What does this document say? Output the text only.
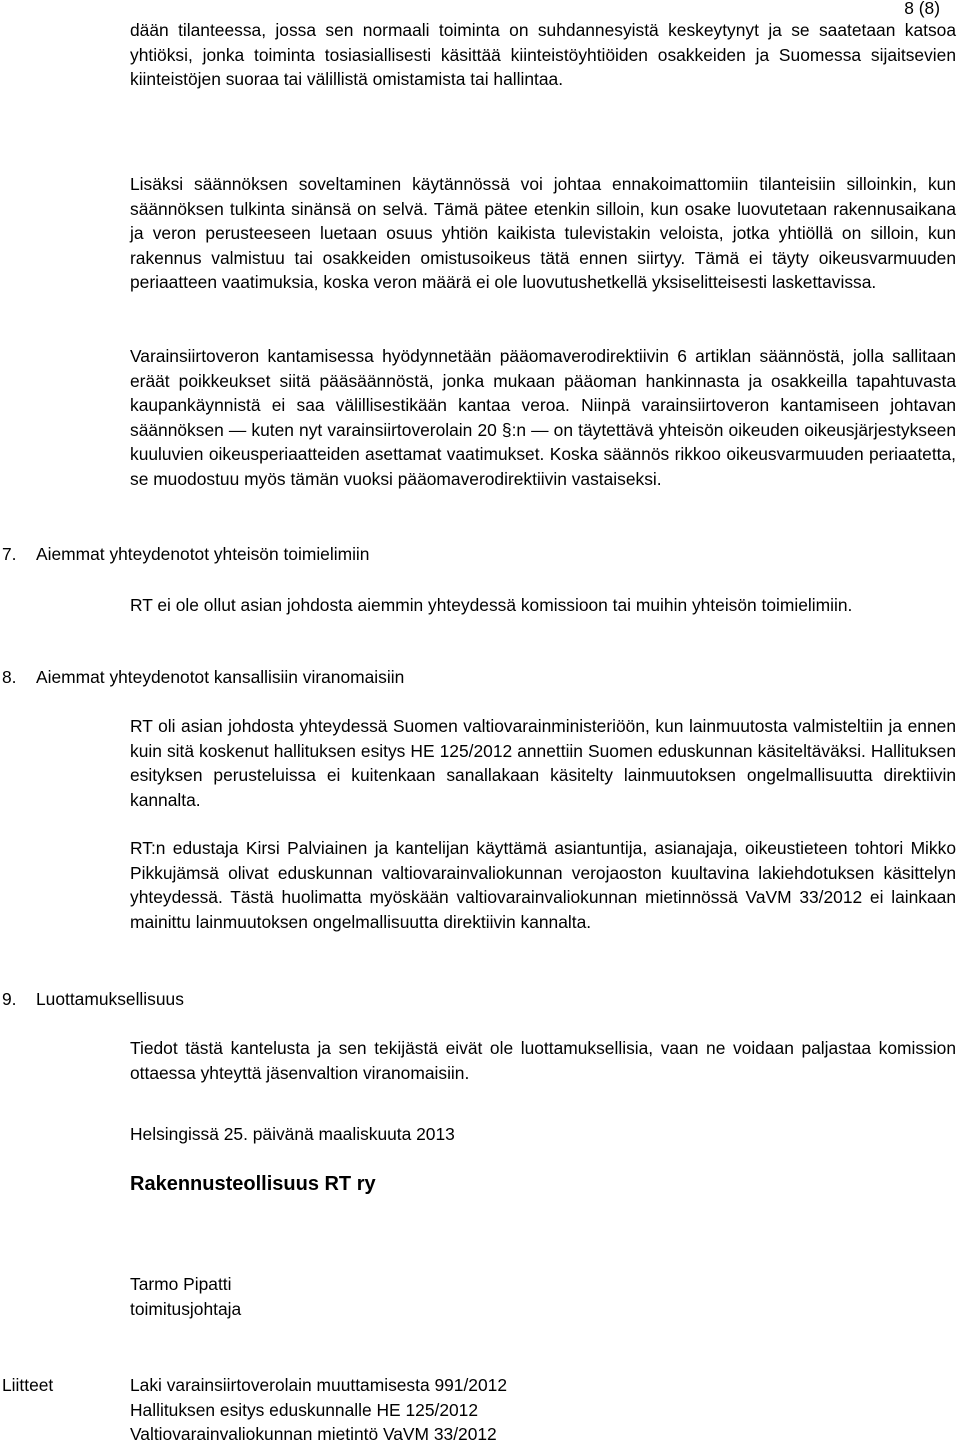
8 (8)

dään tilanteessa, jossa sen normaali toiminta on suhdannesyistä keskeytynyt ja se saatetaan katsoa yhtiöksi, jonka toiminta tosiasiallisesti käsittää kiinteistöyhtiöiden osakkeiden ja Suomessa sijaitsevien kiinteistöjen suoraa tai välillistä omistamista tai hallintaa.

Lisäksi säännöksen soveltaminen käytännössä voi johtaa ennakoimattomiin tilanteisiin silloinkin, kun säännöksen tulkinta sinänsä on selvä. Tämä pätee etenkin silloin, kun osake luovutetaan rakennusaikana ja veron perusteeseen luetaan osuus yhtiön kaikista tulevistakin veloista, jotka yhtiöllä on silloin, kun rakennus valmistuu tai osakkeiden omistusoikeus tätä ennen siirtyy. Tämä ei täyty oikeusvarmuuden periaatteen vaatimuksia, koska veron määrä ei ole luovutushetkellä yksiselitteisesti laskettavissa.

Varainsiirtoveron kantamisessa hyödynnetään pääomaverodirektiivin 6 artiklan säännöstä, jolla sallitaan eräät poikkeukset siitä pääsäännöstä, jonka mukaan pääoman hankinnasta ja osakkeilla tapahtuvasta kaupankäynnistä ei saa välillisestikään kantaa veroa. Niinpä varainsiirtoveron kantamiseen johtavan säännöksen — kuten nyt varainsiirtoverolain 20 §:n — on täytettävä yhteisön oikeuden oikeusjärjestykseen kuuluvien oikeusperiaatteiden asettamat vaatimukset. Koska säännös rikkoo oikeusvarmuuden periaatetta, se muodostuu myös tämän vuoksi pääomaverodirektiivin vastaiseksi.

7. Aiemmat yhteydenotot yhteisön toimielimiin

RT ei ole ollut asian johdosta aiemmin yhteydessä komissioon tai muihin yhteisön toimielimiin.

8. Aiemmat yhteydenotot kansallisiin viranomaisiin

RT oli asian johdosta yhteydessä Suomen valtiovarainministeriöön, kun lainmuutosta valmisteltiin ja ennen kuin sitä koskenut hallituksen esitys HE 125/2012 annettiin Suomen eduskunnan käsiteltäväksi. Hallituksen esityksen perusteluissa ei kuitenkaan sanallakaan käsitelty lainmuutoksen ongelmallisuutta direktiivin kannalta.

RT:n edustaja Kirsi Palviainen ja kantelijan käyttämä asiantuntija, asianajaja, oikeustieteen tohtori Mikko Pikkujämsä olivat eduskunnan valtiovarainvaliokunnan verojaoston kuultavina lakiehdotuksen käsittelyn yhteydessä. Tästä huolimatta myöskään valtiovarainvaliokunnan mietinnössä VaVM 33/2012 ei lainkaan mainittu lainmuutoksen ongelmallisuutta direktiivin kannalta.

9. Luottamuksellisuus

Tiedot tästä kantelusta ja sen tekijästä eivät ole luottamuksellisia, vaan ne voidaan paljastaa komission ottaessa yhteyttä jäsenvaltion viranomaisiin.

Helsingissä 25. päivänä maaliskuuta 2013
Rakennusteollisuus RT ry
Tarmo Pipatti
toimitusjohtaja
Liitteet	Laki varainsiirtoverolain muuttamisesta 991/2012
Hallituksen esitys eduskunnalle HE 125/2012
Valtiovarainvaliokunnan mietintö VaVM 33/2012
